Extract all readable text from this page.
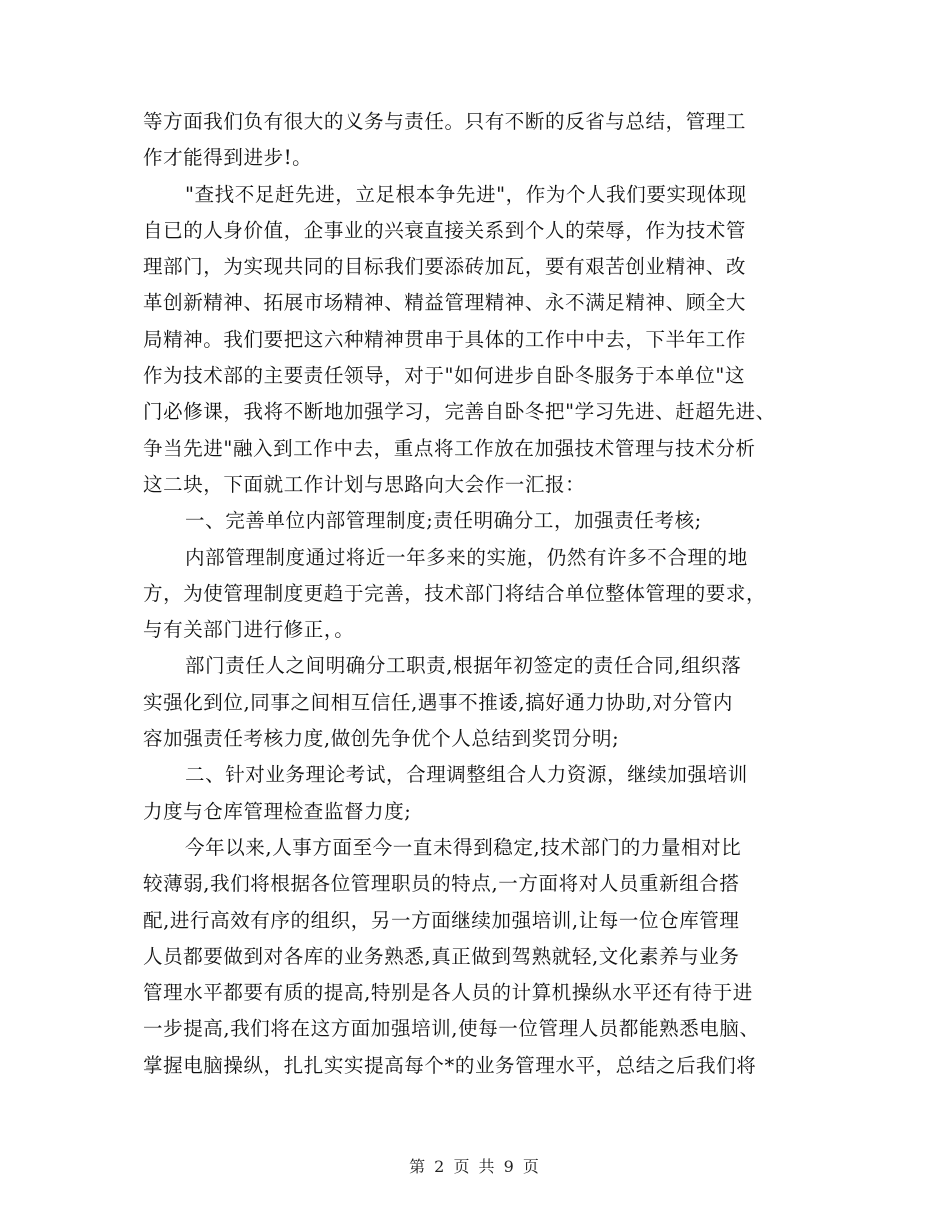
等方面我们负有很大的义务与责任。只有不断的反省与总结，管理工
作才能得到进步!。
"查找不足赶先进，立足根本争先进"，作为个人我们要实现体现
自已的人身价值，企事业的兴衰直接关系到个人的荣辱，作为技术管
理部门，为实现共同的目标我们要添砖加瓦，要有艰苦创业精神、改
革创新精神、拓展市场精神、精益管理精神、永不满足精神、顾全大
局精神。我们要把这六种精神贯串于具体的工作中中去，下半年工作
作为技术部的主要责任领导，对于"如何进步自卧冬服务于本单位"这
门必修课，我将不断地加强学习，完善自卧冬把"学习先进、赶超先进、
争当先进"融入到工作中去，重点将工作放在加强技术管理与技术分析
这二块，下面就工作计划与思路向大会作一汇报：
一、完善单位内部管理制度;责任明确分工，加强责任考核;
内部管理制度通过将近一年多来的实施，仍然有许多不合理的地
方，为使管理制度更趋于完善，技术部门将结合单位整体管理的要求，
与有关部门进行修正，。
部门责任人之间明确分工职责,根据年初签定的责任合同,组织落
实强化到位,同事之间相互信任,遇事不推诿,搞好通力协助,对分管内
容加强责任考核力度,做创先争优个人总结到奖罚分明;
二、针对业务理论考试，合理调整组合人力资源，继续加强培训
力度与仓库管理检查监督力度;
今年以来,人事方面至今一直未得到稳定,技术部门的力量相对比
较薄弱,我们将根据各位管理职员的特点,一方面将对人员重新组合搭
配,进行高效有序的组织，另一方面继续加强培训,让每一位仓库管理
人员都要做到对各库的业务熟悉,真正做到驾熟就轻,文化素养与业务
管理水平都要有质的提高,特别是各人员的计算机操纵水平还有待于进
一步提高,我们将在这方面加强培训,使每一位管理人员都能熟悉电脑、
掌握电脑操纵，扎扎实实提高每个*的业务管理水平，总结之后我们将
第 2 页 共 9 页
